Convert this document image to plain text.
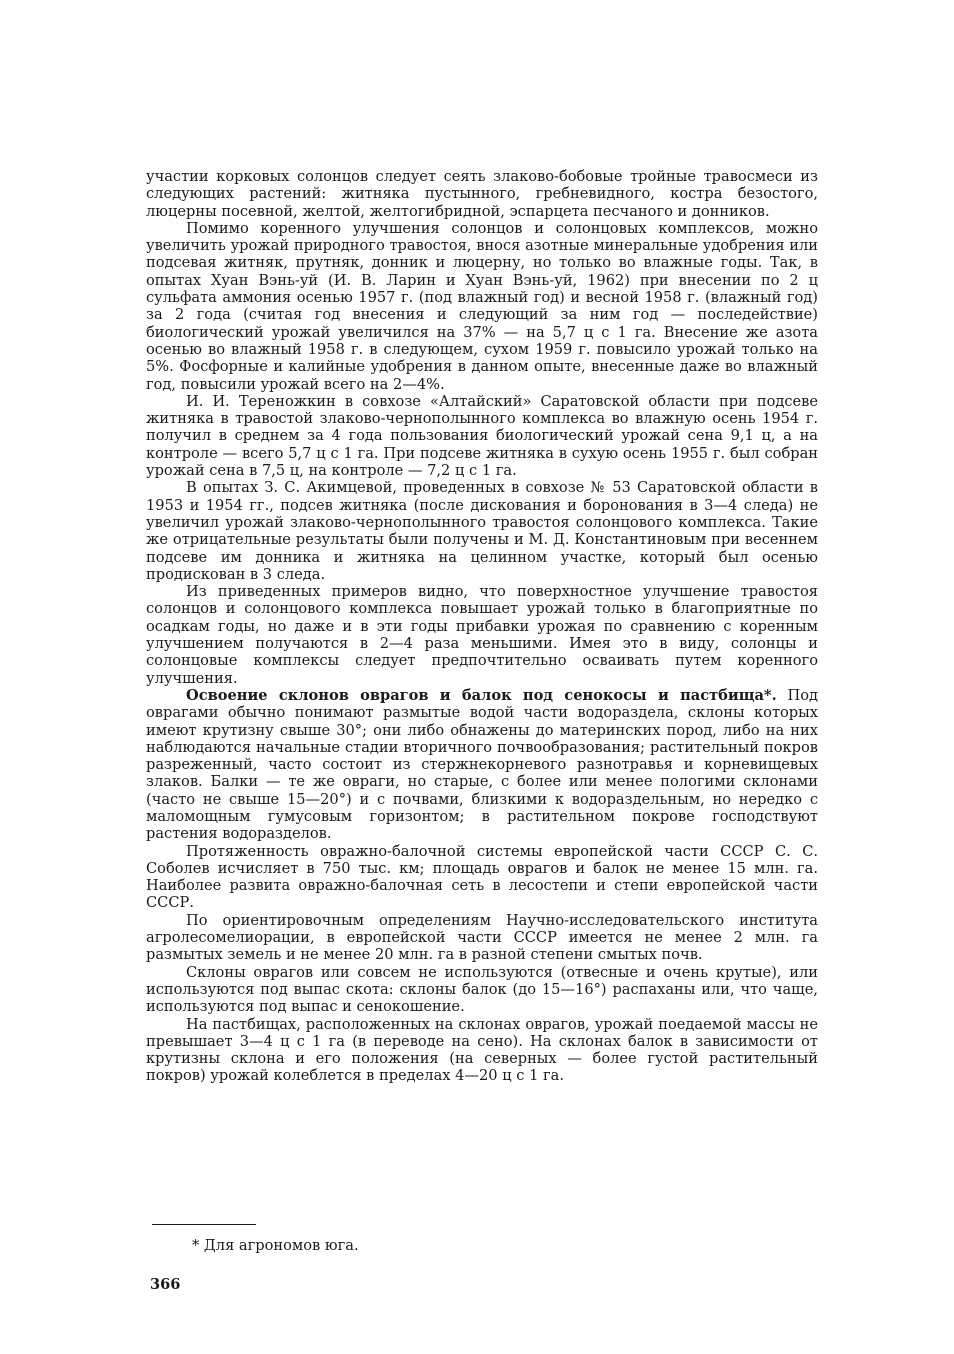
участии корковых солонцов следует сеять злаково-бобовые тройные травосмеси из следующих растений: житняка пустынного, гребневидного, костра безостого, люцерны посевной, желтой, желтогибридной, эспарцета песчаного и донников.

Помимо коренного улучшения солонцов и солонцовых комплексов, можно увеличить урожай природного травостоя, внося азотные минеральные удобрения или подсевая житняк, прутняк, донник и люцерну, но только во влажные годы. Так, в опытах Хуан Вэнь-уй (И. В. Ларин и Хуан Вэнь-уй, 1962) при внесении по 2 ц сульфата аммония осенью 1957 г. (под влажный год) и весной 1958 г. (влажный год) за 2 года (считая год внесения и следующий за ним год — последействие) биологический урожай увеличился на 37% — на 5,7 ц с 1 га. Внесение же азота осенью во влажный 1958 г. в следующем, сухом 1959 г. повысило урожай только на 5%. Фосфорные и калийные удобрения в данном опыте, внесенные даже во влажный год, повысили урожай всего на 2—4%.

И. И. Тереножкин в совхозе «Алтайский» Саратовской области при подсеве житняка в травостой злаково-чернополынного комплекса во влажную осень 1954 г. получил в среднем за 4 года пользования биологический урожай сена 9,1 ц, а на контроле — всего 5,7 ц с 1 га. При подсеве житняка в сухую осень 1955 г. был собран урожай сена в 7,5 ц, на контроле — 7,2 ц с 1 га.

В опытах З. С. Акимцевой, проведенных в совхозе № 53 Саратовской области в 1953 и 1954 гг., подсев житняка (после дискования и боронования в 3—4 следа) не увеличил урожай злаково-чернополынного травостоя солонцового комплекса. Такие же отрицательные результаты были получены и М. Д. Константиновым при весеннем подсеве им донника и житняка на целинном участке, который был осенью продискован в 3 следа.

Из приведенных примеров видно, что поверхностное улучшение травостоя солонцов и солонцового комплекса повышает урожай только в благоприятные по осадкам годы, но даже и в эти годы прибавки урожая по сравнению с коренным улучшением получаются в 2—4 раза меньшими. Имея это в виду, солонцы и солонцовые комплексы следует предпочтительно осваивать путем коренного улучшения.

Освоение склонов оврагов и балок под сенокосы и пастбища*. Под оврагами обычно понимают размытые водой части водораздела, склоны которых имеют крутизну свыше 30°; они либо обнажены до материнских пород, либо на них наблюдаются начальные стадии вторичного почвообразования; растительный покров разреженный, часто состоит из стержнекорневого разнотравья и корневищевых злаков. Балки — те же овраги, но старые, с более или менее пологими склонами (часто не свыше 15—20°) и с почвами, близкими к водораздельным, но нередко с маломощным гумусовым горизонтом; в растительном покрове господствуют растения водоразделов.

Протяженность овражно-балочной системы европейской части СССР С. С. Соболев исчисляет в 750 тыс. км; площадь оврагов и балок не менее 15 млн. га. Наиболее развита овражно-балочная сеть в лесостепи и степи европейской части СССР.

По ориентировочным определениям Научно-исследовательского института агролесомелиорации, в европейской части СССР имеется не менее 2 млн. га размытых земель и не менее 20 млн. га в разной степени смытых почв.

Склоны оврагов или совсем не используются (отвесные и очень крутые), или используются под выпас скота: склоны балок (до 15—16°) распаханы или, что чаще, используются под выпас и сенокошение.

На пастбищах, расположенных на склонах оврагов, урожай поедаемой массы не превышает 3—4 ц с 1 га (в переводе на сено). На склонах балок в зависимости от крутизны склона и его положения (на северных — более густой растительный покров) урожай колеблется в пределах 4—20 ц с 1 га.

* Для агрономов юга.
366
